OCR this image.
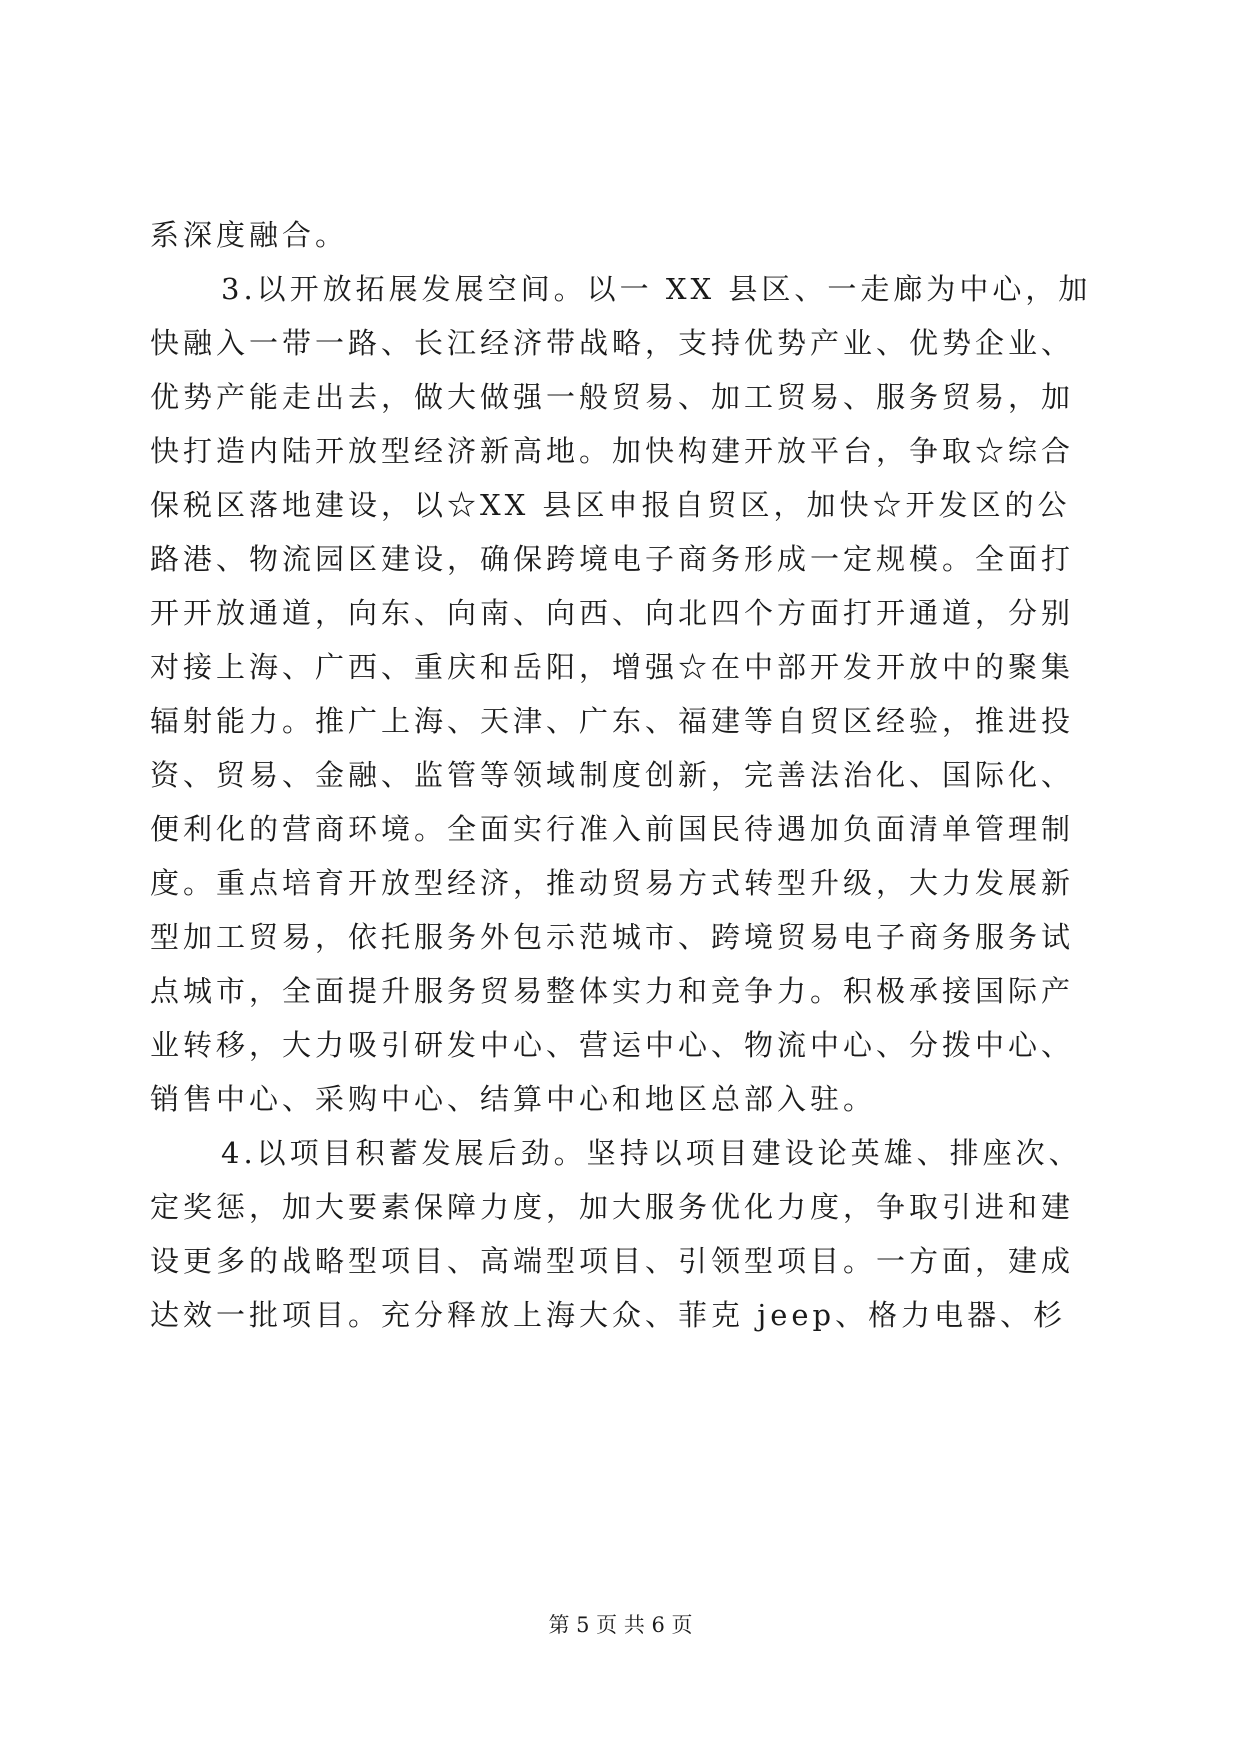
系深度融合。
3.以开放拓展发展空间。以一 XX 县区、一走廊为中心，加
快融入一带一路、长江经济带战略，支持优势产业、优势企业、
优势产能走出去，做大做强一般贸易、加工贸易、服务贸易，加
快打造内陆开放型经济新高地。加快构建开放平台，争取☆综合
保税区落地建设，以☆XX 县区申报自贸区，加快☆开发区的公
路港、物流园区建设，确保跨境电子商务形成一定规模。全面打
开开放通道，向东、向南、向西、向北四个方面打开通道，分别
对接上海、广西、重庆和岳阳，增强☆在中部开发开放中的聚集
辐射能力。推广上海、天津、广东、福建等自贸区经验，推进投
资、贸易、金融、监管等领域制度创新，完善法治化、国际化、
便利化的营商环境。全面实行准入前国民待遇加负面清单管理制
度。重点培育开放型经济，推动贸易方式转型升级，大力发展新
型加工贸易，依托服务外包示范城市、跨境贸易电子商务服务试
点城市，全面提升服务贸易整体实力和竞争力。积极承接国际产
业转移，大力吸引研发中心、营运中心、物流中心、分拨中心、
销售中心、采购中心、结算中心和地区总部入驻。
4.以项目积蓄发展后劲。坚持以项目建设论英雄、排座次、
定奖惩，加大要素保障力度，加大服务优化力度，争取引进和建
设更多的战略型项目、高端型项目、引领型项目。一方面，建成
达效一批项目。充分释放上海大众、菲克 jeep、格力电器、杉
第 5 页 共 6 页
